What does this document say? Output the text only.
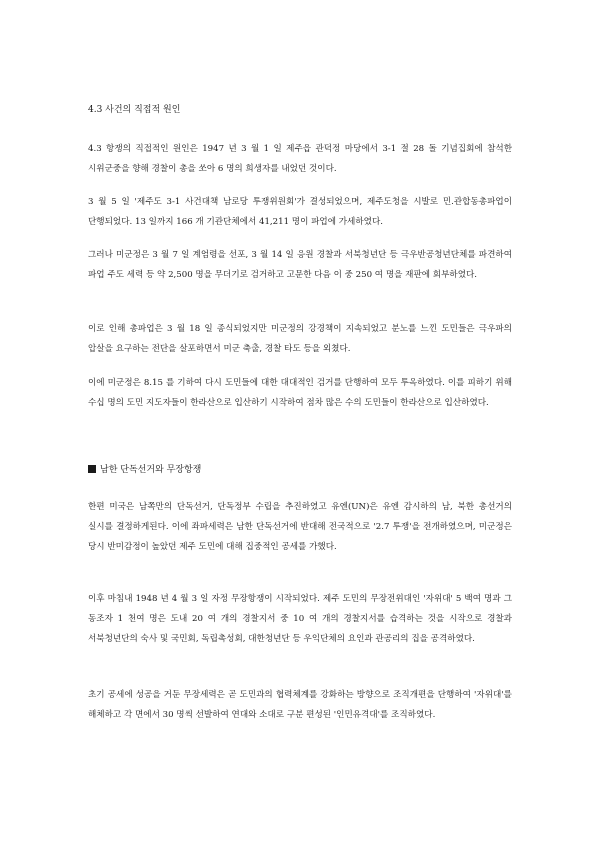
4.3 사건의 직접적 원인
4.3 항쟁의 직접적인 원인은 1947 년 3 월 1 일 제주읍 관덕정 마당에서 3-1 절 28 돌 기념집회에 참석한 시위군중을 향해 경찰이 총을 쏘아 6 명의 희생자를 내었던 것이다.
3 월 5 일 '제주도 3-1 사건대책 남로당 투쟁위원회'가 결성되었으며, 제주도청을 시발로 민.관합동총파업이 단행되었다. 13 일까지 166 개 기관단체에서 41,211 명이 파업에 가세하였다.
그러나 미군정은 3 월 7 일 계엄령을 선포, 3 월 14 일 응원 경찰과 서북청년단 등 극우반공청년단체를 파견하여 파업 주도 세력 등 약 2,500 명을 무더기로 검거하고 고문한 다음 이 중 250 여 명을 재판에 회부하였다.
이로 인해 총파업은 3 월 18 일 종식되었지만 미군정의 강경책이 지속되었고 분노를 느낀 도민들은 극우파의 압살을 요구하는 전단을 살포하면서 미군 축출, 경찰 타도 등을 외쳤다.
이에 미군정은 8.15 를 기하여 다시 도민들에 대한 대대적인 검거를 단행하여 모두 투옥하였다. 이를 피하기 위해 수십 명의 도민 지도자들이 한라산으로 입산하기 시작하여 점차 많은 수의 도민들이 한라산으로 입산하였다.
남한 단독선거와 무장항쟁
한편 미국은 남쪽만의 단독선거, 단독정부 수립을 추진하였고 유엔(UN)은 유엔 감시하의 남, 북한 총선거의 실시를 결정하게된다. 이에 좌파세력은 남한 단독선거에 반대해 전국적으로 '2.7 투쟁'을 전개하였으며, 미군정은 당시 반미감정이 높았던 제주 도민에 대해 집중적인 공세를 가했다.
이후 마침내 1948 년 4 월 3 일 자정 무장항쟁이 시작되었다. 제주 도민의 무장전위대인 '자위대' 5 백여 명과 그 동조자 1 천여 명은 도내 20 여 개의 경찰지서 중 10 여 개의 경찰지서를 습격하는 것을 시작으로 경찰과 서북청년단의 숙사 및 국민회, 독립촉성회, 대한청년단 등 우익단체의 요인과 관공리의 집을 공격하였다.
초기 공세에 성공을 거둔 무장세력은 곧 도민과의 협력체계를 강화하는 방향으로 조직개편을 단행하여 '자위대'를 해체하고 각 면에서 30 명씩 선발하여 연대와 소대로 구분 편성된 '인민유격대'를 조직하였다.
